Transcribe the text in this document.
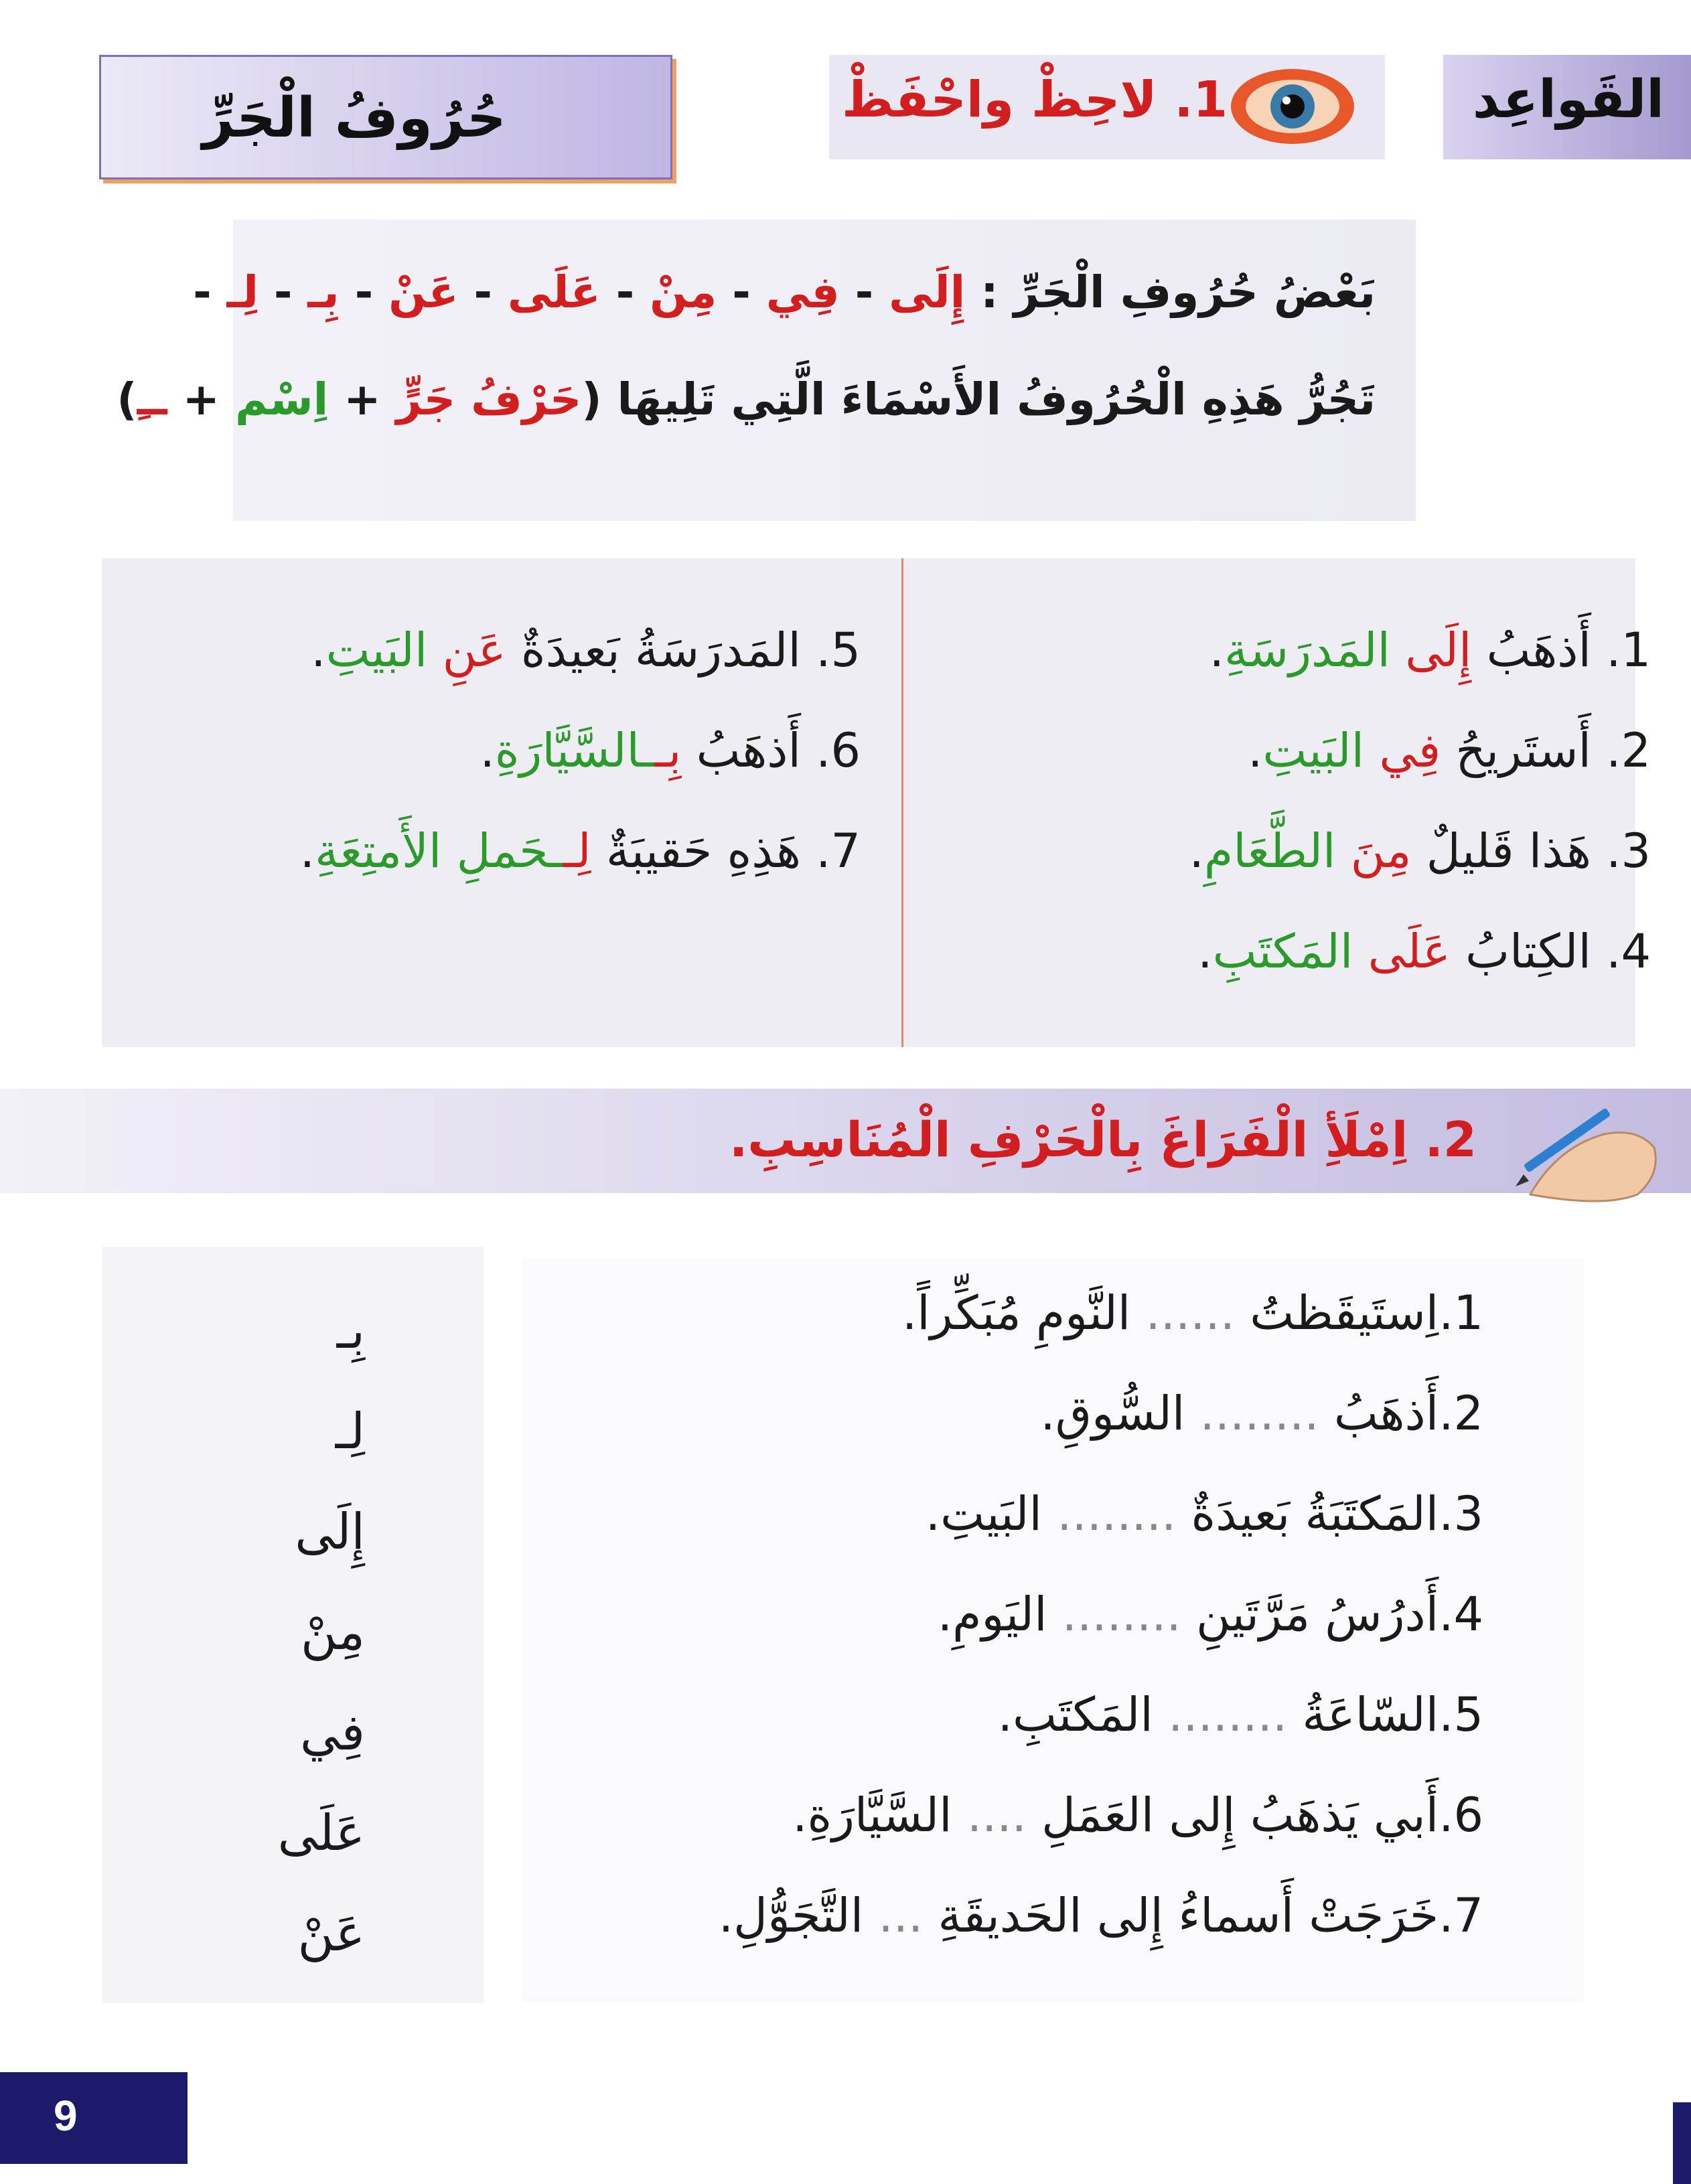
القَواعِد
1. لاحِظْ واحْفَظْ
حُرُوفُ الْجَرِّ
بَعْضُ حُرُوفِ الْجَرِّ : إِلَى - فِي - مِنْ - عَلَى - عَنْ - بِـ - لِـ -
تَجُرُّ هَذِهِ الْحُرُوفُ الأَسْمَاءَ الَّتِي تَلِيهَا (حَرْفُ جَرٍّ + اِسْم + ــِ)
1. أَذهَبُ إِلَى المَدرَسَةِ.
2. أَستَريحُ فِي البَيتِ.
3. هَذا قَليلٌ مِنَ الطَّعَامِ.
4. الكِتابُ عَلَى المَكتَبِ.
5. المَدرَسَةُ بَعيدَةٌ عَنِ البَيتِ.
6. أَذهَبُ بِــالسَّيَّارَةِ.
7. هَذِهِ حَقيبَةٌ لِــحَملِ الأَمتِعَةِ.
2. اِمْلَأِ الْفَرَاغَ بِالْحَرْفِ الْمُنَاسِبِ.
1.اِستَيقَظتُ ...... النَّومِ مُبَكِّراً.
2.أَذهَبُ ........ السُّوقِ.
3.المَكتَبَةُ بَعيدَةٌ ........ البَيتِ.
4.أَدرُسُ مَرَّتَينِ ........ اليَومِ.
5.السّاعَةُ ........ المَكتَبِ.
6.أَبي يَذهَبُ إِلى العَمَلِ .... السَّيَّارَةِ.
7.خَرَجَتْ أَسماءُ إِلى الحَديقَةِ ... التَّجَوُّلِ.
بِـ
لِـ
إِلَى
مِنْ
فِي
عَلَى
عَنْ
9
